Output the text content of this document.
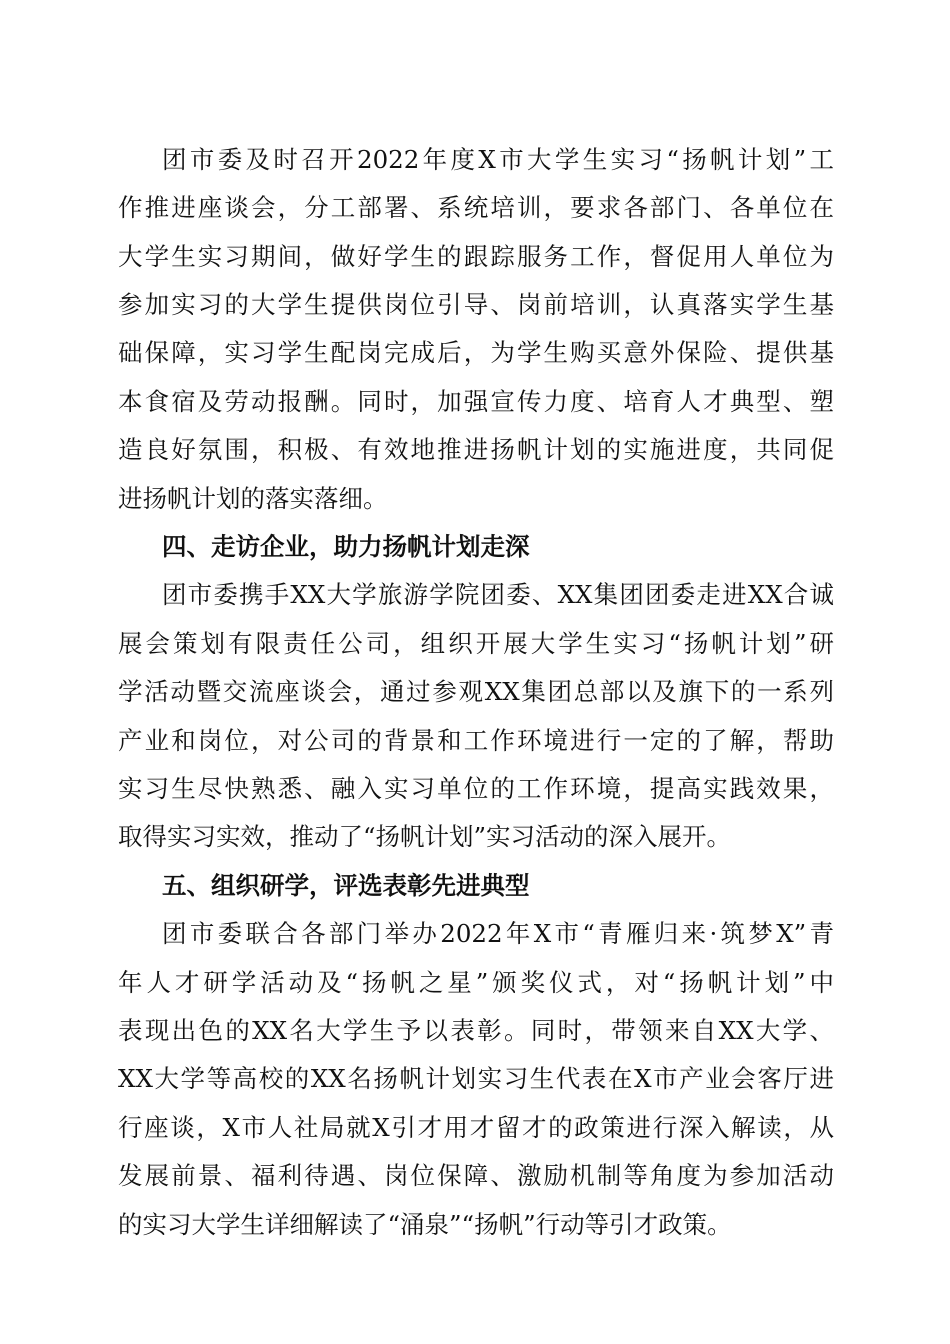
团市委及时召开2022年度X市大学生实习“扬帆计划”工
作推进座谈会，分工部署、系统培训，要求各部门、各单位在
大学生实习期间，做好学生的跟踪服务工作，督促用人单位为
参加实习的大学生提供岗位引导、岗前培训，认真落实学生基
础保障，实习学生配岗完成后，为学生购买意外保险、提供基
本食宿及劳动报酬。同时，加强宣传力度、培育人才典型、塑
造良好氛围，积极、有效地推进扬帆计划的实施进度，共同促
进扬帆计划的落实落细。
四、走访企业，助力扬帆计划走深
团市委携手XX大学旅游学院团委、XX集团团委走进XX合诚
展会策划有限责任公司，组织开展大学生实习“扬帆计划”研
学活动暨交流座谈会，通过参观XX集团总部以及旗下的一系列
产业和岗位，对公司的背景和工作环境进行一定的了解，帮助
实习生尽快熟悉、融入实习单位的工作环境，提高实践效果，
取得实习实效，推动了“扬帆计划”实习活动的深入展开。
五、组织研学，评选表彰先进典型
团市委联合各部门举办2022年X市“青雁归来·筑梦X”青
年人才研学活动及“扬帆之星”颁奖仪式，对“扬帆计划”中
表现出色的XX名大学生予以表彰。同时，带领来自XX大学、
XX大学等高校的XX名扬帆计划实习生代表在X市产业会客厅进
行座谈，X市人社局就X引才用才留才的政策进行深入解读，从
发展前景、福利待遇、岗位保障、激励机制等角度为参加活动
的实习大学生详细解读了“涌泉”“扬帆”行动等引才政策。
